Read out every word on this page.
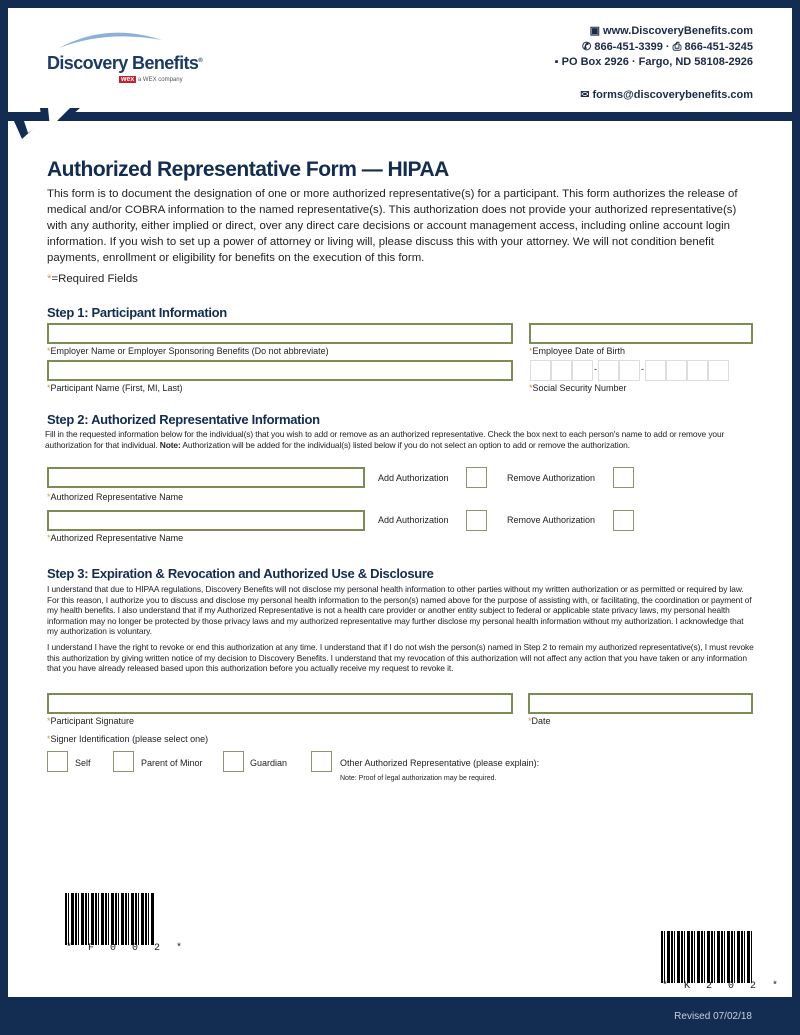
Discovery Benefits®
wex a WEX company
▣ www.DiscoveryBenefits.com
✆ 866-451-3399 · ⎙ 866-451-3245
▪ PO Box 2926 · Fargo, ND 58108-2926
✉ forms@discoverybenefits.com
Authorized Representative Form — HIPAA
This form is to document the designation of one or more authorized representative(s) for a participant. This form authorizes the release of medical and/or COBRA information to the named representative(s). This authorization does not provide your authorized representative(s) with any authority, either implied or direct, over any direct care decisions or account management access, including online account login information. If you wish to set up a power of attorney or living will, please discuss this with your attorney. We will not condition benefit payments, enrollment or eligibility for benefits on the execution of this form.
*=Required Fields
Step 1: Participant Information
*Employer Name or Employer Sponsoring Benefits (Do not abbreviate)	*Employee Date of Birth
-	-
*Participant Name (First, MI, Last)	*Social Security Number
Step 2: Authorized Representative Information
Fill in the requested information below for the individual(s) that you wish to add or remove as an authorized representative. Check the box next to each person's name to add or remove your authorization for that individual. Note: Authorization will be added for the individual(s) listed below if you do not select an option to add or remove the authorization.
Add Authorization	Remove Authorization
*Authorized Representative Name
Add Authorization	Remove Authorization
*Authorized Representative Name
Step 3: Expiration & Revocation and Authorized Use & Disclosure
I understand that due to HIPAA regulations, Discovery Benefits will not disclose my personal health information to other parties without my written authorization or as permitted or required by law. For this reason, I authorize you to discuss and disclose my personal health information to the person(s) named above for the purpose of assisting with, or facilitating, the coordination or payment of my health benefits. I also understand that if my Authorized Representative is not a health care provider or another entity subject to federal or applicable state privacy laws, my personal health information may no longer be protected by those privacy laws and my authorized representative may further disclose my personal health information without my authorization. I acknowledge that my authorization is voluntary.
I understand I have the right to revoke or end this authorization at any time. I understand that if I do not wish the person(s) named in Step 2 to remain my authorized representative(s), I must revoke this authorization by giving written notice of my decision to Discovery Benefits. I understand that my revocation of this authorization will not affect any action that you have taken or any information that you have already released based upon this authorization before you actually receive my request to revoke it.
*Participant Signature	*Date
*Signer Identification (please select one)
Self	Parent of Minor	Guardian	Other Authorized Representative (please explain):
Note: Proof of legal authorization may be required.
* F 0 0 2 *
* K 2 0 2 *
Revised 07/02/18
